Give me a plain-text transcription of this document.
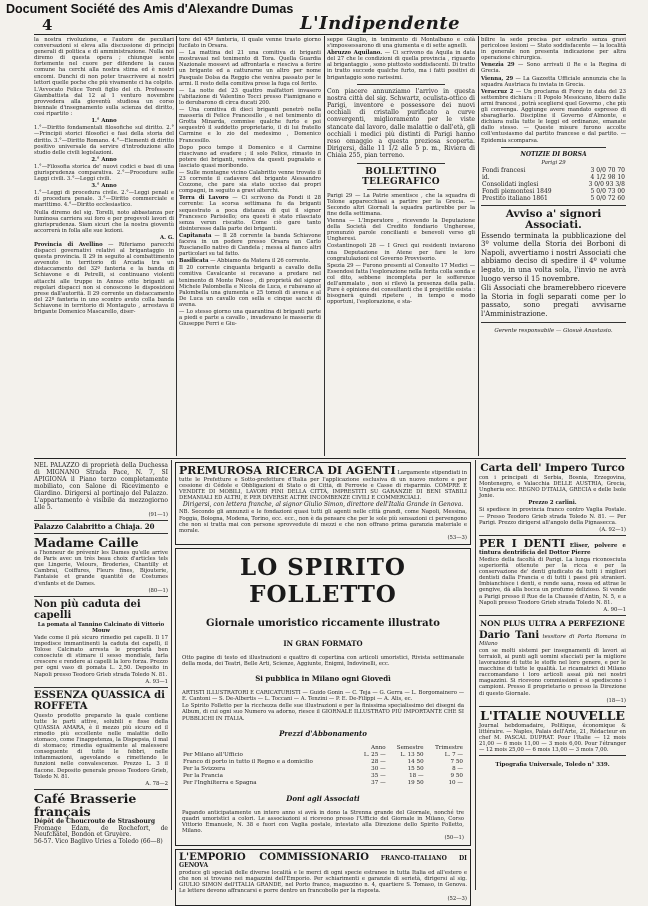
Document Société des Amis d'Alexandre Dumas
4	L'Indipendente

la nostra rivoluzione, e l'autore de peculiari conversazioni si eleva alla discussione di principi generali di politica e di amministrazione. Nulla noi diremo di questa opera ; chiunque sente fortemente nel cuore per difendere la causa comune ha cerchi alla nostra stima ed è nostri encomi. Dunchi di non poter trascrivere ai nostri lettori quelle poche che più vivamente ci ha colpito.

L'Avvocato Felice Toreli figlio del ch. Professore Giambattista dal 12 al 1 venturo novembre provvedera alla gioventù studiosa un corso biennale d'insegnamento sulla scienza del diritto, così ripartito :

1.° Anno

1.°—Diritto fondamentali filosofiche sul diritto. 2.°—Principii storici filosofici e fasi della storia del diritto. 3.°—Diritto Romano. 4.°—Elementi di diritto positivo universale da servire d'introduzione allo studio delle civili legislazioni.

2.° Anno

1.°—Filosofia storica de' nuovi codici e basi di una giurisprudenza comparativa. 2.°—Procedure sulle Leggi civili. 3.°—Leggi civili.

3.° Anno

1.°—Leggi di procedura civile. 2.°—Leggi penali e di procedura penale. 3.°—Diritto commerciale e marittimo. 4.°—Diritto ecclesiastico.

Nulla diremo del sig. Torelli, noto abbastanza per luminosa carriera sui foro e per pregevoli lavori di giurisprudenza. Siam sicuri che la nostra gioventù accorrerà in folla alle sue lezioni.

A. G.

Provincia di Avellino — Riferiamo parecchi dispacci governativi relativi al brigantaggio in questa provincia. Il 29 in seguito al combattimento avvenuto in territorio di Arcadia tra un distaccamento del 32º fanteria e la banda di Schiavone e di Petrelli, si continuano violenti attacchi alle truppe in Annuo otto briganti ai regolari dispacci non si conoscono le disposizioni prese dall'autorità. Il 29 corrente un distaccamento del 22º fanteria in uno scontro avuto colla banda Schiavone in territorio di Montaguto , arrestava il brigante Domenico Mascarello, diser-

tore del 45º fanteria, il quale venne trasto giorno fucilato in Orsara.

— La mattina del 21 una comitiva di briganti mostravasi nel tenimento di Tora. Quella Guardia Nazionale mossevi ad affrontarla e riesciva a ferire un brigante ed a catturarne un altro per nome Pasquale Dolsa da Reggio che veniva passato per le armi. Il resto della comitiva prese la fuga col ferito.

— La notte del 23 quattro malfattori invasero l'abitazione di Valentino Tocci presso Fiamignano e lo derubarono di circa ducati 200.

— Una comitiva di dieci briganti penetrò nella masseria di Felice Francesillo , e nel tenimento di Grotta Minarda, commise qualche furto e poi sequestrò il suddetto proprietario, il di lui fratello Carmine e lo zio del medesimo , Domenico Francesillo.

Dopo poco tempo il Domenico e il Carmine riuscivano ad evadere ; il solo Felice, rimasto in potere dei briganti, veniva da questi pugnalato e lasciato quasi moribondo.

— Sulle montagne vicino Calabritto venne trovato il 23 corrente il cadavere del brigante Alessandro Cozzone, che pare sia stato ucciso dai propri compagni, in seguito a gravi alterchi.

Terra di Lavoro — Ci scrivono da Fondi il 28 corrente: La scorsa settimana fu da briganti sequestrato a poca distanza di qui il signor Francesco Parisiello; ora questi è stato rilasciato senza verun riscatto. Come ciò gare tanto disinteresse dalla parte dei briganti.

Capitanata — Il 28 corrente la banda Schiavone faceva in un podere presso Orsara un Carlo Ruscianello nativo di Candela ; messa al fianco altri particolari su tal fatto.

Basilicata — Abbiamo da Matera il 26 corrente.

Il 20 corrente cinquanta briganti a cavallo della comitiva Cavalcante si recavano a predare nel tenimento di Monte Poloso , di proprietà del signor Michele Palombella e Nicola de Luca, e rubavano al Palombella una giumenta e 25 tomoli di avena e al De Luca un cavallo con sella e cinque sacchi di avena.

— Lo stesso giorno una quarantina di briganti parte a piedi e parte a cavallo , invadevano le masserie di Giuseppe Ferri e Giu-

seppe Giuglio, in tenimento di Montalbano e colà s'impossessarono di una giumenta e di sette agnelli.

Abruzzo Aquilano. — Ci scrivono da Aquila in data del 27 che le condizioni di quella provincia , riguardo al brigantaggio , sono piuttosto soddisfacenti. Di tratto in tratto succede qualche furto, ma i fatti positivi di brigantaggio sono rarissimi.

Con piacere annunziamo l'arrivo in questa nostra città del sig. Schwartz, oculista-ottico di Parigi, inventore e possessore dei nuovi occhiali di cristallo purificato a curve convergenti, miglioramento per le viste stancate dal lavoro, dalle malattie o dall'età, gli occhiali i medici più distinti di Parigi hanno reso omaggio a questa preziosa scoperta. Dirigersi, dalle 11 1/2 alle 5 p. m., Riviera di Chiaia 255, pian terreno.

BOLLETTINO TELEGRAFICO

Parigi 29 — La Patrie smentisce , che la squadra di Tolone apparecchiasi a partire per la Grecia. — Secondo altri Giornali la squadra partirebbe per la fine della settimana.

Vienna — L'Imperatore , ricevendo la Deputazione della Società del Credito fondiario Ungherese, pronunziò parole concilianti e benevoli verso gli Ungheresi.

Costantinopoli 28 — I Greci qui residenti inviarono una Deputazione in Atene per fare le loro congratulazioni col Governo Provvisorio.

Spezia 29 — Furono presenti al Consulto 17 Medici — Essendosi fatta l'esplorazione nella ferita colla sonda e col dito, sebbene incompleta per le sofferenze dell'ammalato , non si rilevò la presenza della palla. Pure è opinione dei consultanti che il projettile esista : bisognerà quindi ripetere , in tempo e modo opportuni, l'esplorazione, e sta-

bilire la sede precisa per estrarlo senza gravi pericolose lesioni — Stato soddisfacente — la località in generale non presenta indicazione per altra operazione chirurgica.

Venezia 29 — Sono arrivati il Re e la Regina di Grecia.

Vienna, 29 — La Gazzetta Ufficiale annunzia che la squadra Austriaca fu inviata in Grecia.

Veracruz 2 — Un proclama di Forey in data del 23 settembre dichiara : Il Popolo Messicano, libero dalle armi francesi , potrà scegliersi quel Governo , che più gli convenga. Aggiunge avere mandato espresso di sbaragliarlo. Discipline il Governo d'Almonte, e dichiara nulla tutte le leggi ed ordinanze, emanate dallo stesso. — Queste misure furono accolte coll'entusiasmo dal partito francese e dal partito. — Epidemia scomparsa.

NOTIZIE DI BORSA

Parigi 29

Fondi francesi	3 0/0 70 70
id.	4 1/2 98 10
Consolidati inglesi	3 0/0 93 3/8
Fondi piemontesi 1849	5 0/0 73 00
Prestito italiano 1861	5 0/0 72 60

Avviso a' signori Associati.

Essendo terminata la pubblicazione del 3º volume della Storia dei Borboni di Napoli, avvertiamo i nostri Associati che abbiamo deciso di spedire il 4º volume legato, in una volta sola, l'invio ne avrà luogo verso il 15 novembre.

Gli Associati che bramerebbero ricevere la Storia in fogli separati come per lo passato, sono pregati avvisarne l'Amministrazione.

Gerente responsabile — Giosuè Anastasio.

NEL PALAZZO di proprietà della Duchessa di MIGNANO Strada Pace, N. 7, SI APIGIONA il Piano terzo completamente mobiliato, con Salone di Ricevimento e Giardino. Dirigersi al portinajo del Palazzo. L'appartamento è visibile da mezzogiorno alle 5.

(91—1)

Palazzo Calabritto a Chiaja. 20

Madame Caille

a l'honneur de prévenir les Dames qu'elle arrive de Paris avec un très beau choix d'articles tels que Lingerie, Velours, Broderies, Chantilly et Cambrai, Coiffures, Fleurs fines, Bijouterie, Fantaisie et grande quantité de Costumes d'enfants et de Dames.

(80—1)

Non più caduta dei capelli

La pomata al Tannino Calcinato di Vittorio Mouw

Vade come il più sicuro rimedio pei capelli. Il 17 impedisce immantinenti la caduta dei capelli, il Tolose Calcinato arresta le proprietà ben conosciute di stimare il sesso mondiale, farla crescere e rendere ai capelli la loro forza. Prezzo per ogni vaso di pomata L. 2,50. Deposito in Napoli presso Teodoro Grieb strada Toledo N. 81.

A. 93—1

ESSENZA QUASSICA di ROFFETA

Questo prodotto preparato la quale contiene tutte le parti attive, solubili e fisse della QUASSIA AMARA, è il mezzo più sicuro ed il rimedio più eccellente nelle malattie dello stomaco, come l'inappetenza, la Dispepsia, il mal di stomaco; rimedia egualmente al malessere conseguente di tutte le febbri, nelle infiammazioni, agevolando e rimettendo le funzioni nelle convalescenze. Prezzo L. 3 il flacone. Deposito generale presso Teodoro Grieb, Toledo N. 81.

A. 78—2

Café Brasserie français

Dépôt de Choucroute de Strasbourg

Fromage Edam, de Rochefort, de Neufchâtel, Bondon et Gruyère.

56-57. Vico Baglivo Uries a Toledo (66—8)

PREMUROSA RICERCA DI AGENTI Largamente stipendiati in tutte le Prefetture e Sotto-prefetture d'Italia per l'applicazione esclusiva di un nuovo motore e per cessione di Cédole e Obbligazioni di Stato o di Città, di Ferrovie e Casse di risparmio. COMPRE E VENDITE DI MOBILI, LAVORI FINI DELLA CITTÀ, IMPRESTITI SU GARANZIE DI BENI STABILI DEMANIALI ED ALTRI, E PER DIVERSE ALTRE INCOMBENZE CIVILI E COMMERCIALI.

Dirigersi, con lettera franche, al signor Giulio Simon, direttore dell'Italia Grande in Genova.

NB. Secondo gli annunzii e le fondazioni quasi tutti gli agenti nelle città grandi, come Napoli, Messina, Foggia, Bologna, Modena, Torino, ecc. ecc., non è da pensare che per le sole più sensazioni ci pervengono che non si tratta mai con persone sprovvedute di mezzi e che non offrano prima garanzia materiale e morale.

(53—3)

LO SPIRITO FOLLETTO

Giornale umoristico riccamente illustrato

IN GRAN FORMATO

Otto pagine di testo ed illustrazioni e quattro di copertina con articoli umoristici, Rivista settimanale della moda, dei Teatri, Belle Arti, Scienze, Aggiunte, Enigmi, Indovinelli, ecc.

Si pubblica in Milano ogni Giovedì

ARTISTI ILLUSTRATORI E CARICATURISTI — Guido Gonin — C. Teja — G. Gerra — L. Borgomainero — E. Cantoni — S. De-Albertis — L. Toccani — A. Tenzini — P. E. De-Filippi — A. Alis, ec.

Lo Spirito Folletto per la ricchezza delle sue illustrazioni e per la finissima specialissimo dei disegni da Album, di cui ogni suo Numero va adorno, riesce il GIORNALE ILLUSTRATO PIÙ IMPORTANTE CHE SI PUBBLICHI IN ITALIA.

Prezzi d'Abbonamento

	Anno	Semestre	Trimestre
Per Milano all'Ufficio	L. 25 —	L. 13 50	L. 7 —
Franco di porto in tutto il Regno e a domicilio	28 —	14 50	7 50
Per la Svizzera	30 —	15 50	8 —
Per la Francia	35 —	18 —	9 50
Per l'Inghilterra e Spagna	37 —	19 50	10 —

Doni agli Associati

Pagando anticipatamente un intero anno si avrà in dono la Strenna grande del Giornale, nonché tre quadri umoristici a colori. Le associazioni si ricevono presso l'Ufficio del Giornale in Milano, Corso Vittorio Emanuele, N. 38 e fuori con Vaglia postale, intestato alla Direzione dello Spirito Folletto, Milano.

(50—1)

L'EMPORIO COMMISSIONARIO FRANCO-ITALIANO DI GENOVA

produce gli speciali delle diverse località e le merci di ogni specie estranee in tutta Italia ed all'estero e che non si trovano nei magazzini dell'Emporio. Per schiarimenti e garanzie di serietà, dirigersi al sig. GIULIO SIMON dell'ITALIA GRANDE, nel Porto franco, magazzino n. 4, quartiere S. Tomaso, in Genova. Le lettere devono affrancarsi e porre dentro un francobollo per la risposta.

(52—3)

Carta dell' Impero Turco

con i principati di Serbia, Bosnia, Erzegovina, Montenegro, e Valacchia DELLE AUSTRIA, Grecia, Ungheria ecc. REGNO D'ITALIA, GRECIA e delle Isole Jonie.

Prezzo 2 carlini.

Si spedisce in provincia franco contro Vaglia Postale. — Presso Teodoro Grieb strada Toledo N. 81. — Per Parigi. Prezzo dirigersi all'angolo della Pignasecca.

(A. 92—1)

PER I DENTI Eliser, polvere e tintura dentrificia del Dottor Pierre

Medico della facoltà di Parigi. La lunga riconosciuta superiorità ottenute per la ricca e per la conservazione de' denti giudicato da tutti i migliori dentisti dalla Francia e di tutti i paesi più stranieri. Imbianchisce i denti, e rende sana, rosea ed attrae le gengive, dà alla bocca un profumo delizioso. Si vende a Parigi presso il Rue de la Chausée d'Antin, N. 5, e a Napoli presso Teodoro Grieb strada Toledo N. 81.

A. 90—1

NON PLUS ULTRA A PERFEZIONE

Dario Tani tessitore di Porta Romana in Milano

con se molti sistemi per insegnamenti di lavori ai terraioli, ai punti agli uomini sfacciati per la migliore lavorazione di tutte le stoffe nel loro genere, e per le macchine di tutte le qualità. Le ricamatrici di Milano raccomandano i loro articoli assai più nei nostri magazzini. Si ricevono commissioni e si spediscono i campioni. Presso il proprietario o presso la Direzione di questo Giornale.

(18—1)

L'ITALIE NOUVELLE

Journal hebdomadaire, Politique, économique & littéraire. — Naples, Palais dell'Arte, 21, Rédacteur en chef M. PASCAL DUPRAT. Pour l'Italie — 12 mois 21,00 — 6 mois 11,00 — 3 mois 6,00. Pour l'étranger — 12 mois 25,00 — 6 mois 13,00 — 3 mois 7,00.

Tipografia Universale, Toledo n° 339.
